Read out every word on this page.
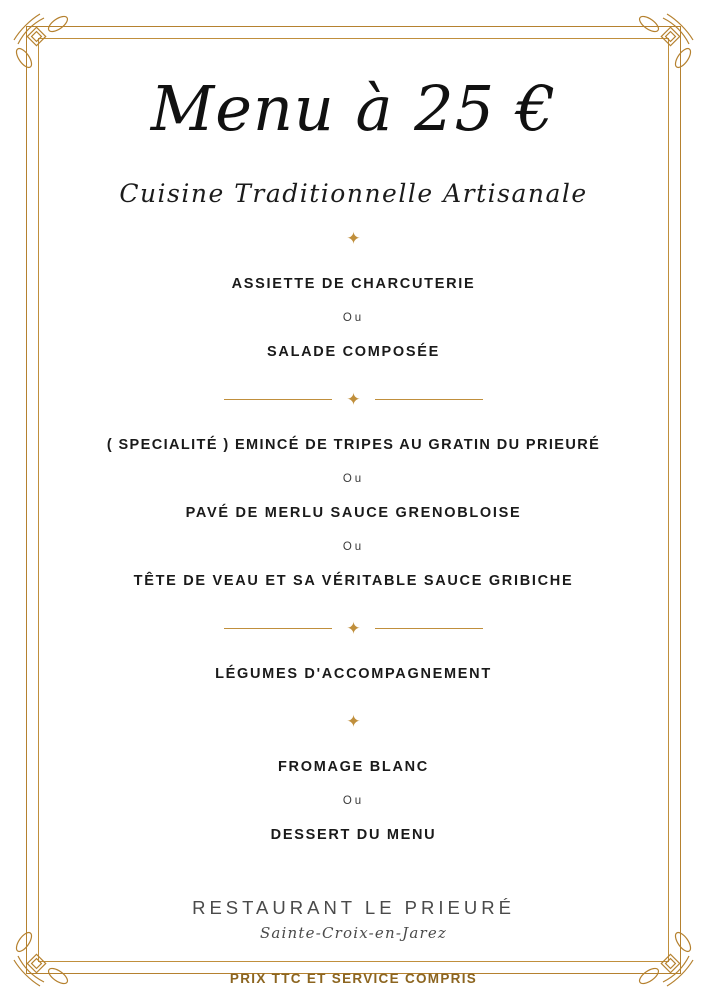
Menu à 25 €
Cuisine Traditionnelle Artisanale
✦
ASSIETTE DE CHARCUTERIE
Ou
SALADE COMPOSÉE
✦
( SPECIALITÉ ) EMINCÉ DE TRIPES AU GRATIN DU PRIEURÉ
Ou
PAVÉ DE MERLU SAUCE GRENOBLOISE
Ou
TÊTE DE VEAU ET SA VÉRITABLE SAUCE GRIBICHE
✦
LÉGUMES D'ACCOMPAGNEMENT
✦
FROMAGE BLANC
Ou
DESSERT DU MENU
RESTAURANT LE PRIEURÉ
Sainte-Croix-en-Jarez
PRIX TTC ET SERVICE COMPRIS
